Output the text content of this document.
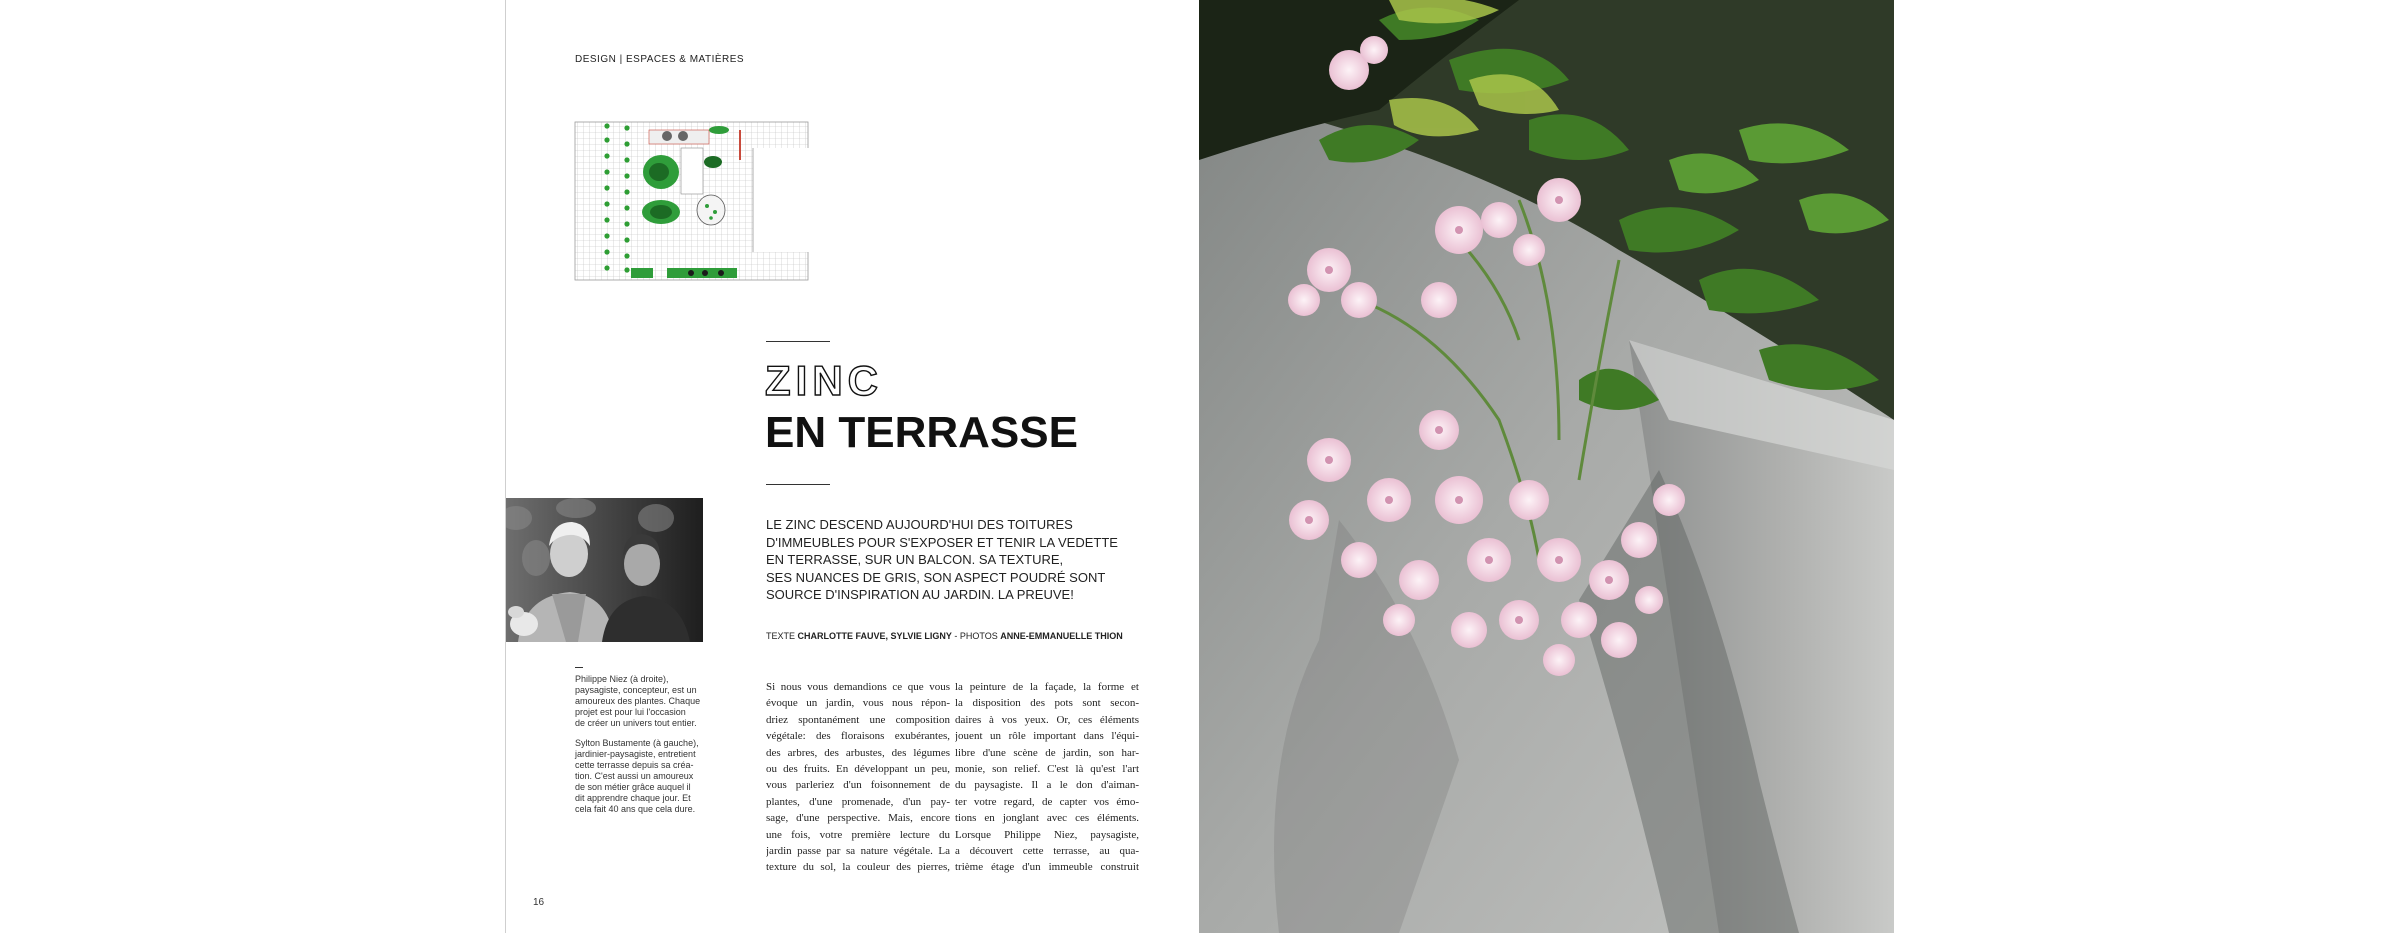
DESIGN | ESPACES & MATIÈRES
ZINC
EN TERRASSE
LE ZINC DESCEND AUJOURD'HUI DES TOITURES
D'IMMEUBLES POUR S'EXPOSER ET TENIR LA VEDETTE
EN TERRASSE, SUR UN BALCON. SA TEXTURE,
SES NUANCES DE GRIS, SON ASPECT POUDRÉ SONT
SOURCE D'INSPIRATION AU JARDIN. LA PREUVE!
TEXTE CHARLOTTE FAUVE, SYLVIE LIGNY - PHOTOS ANNE-EMMANUELLE THION

Philippe Niez (à droite),
paysagiste, concepteur, est un
amoureux des plantes. Chaque
projet est pour lui l'occasion
de créer un univers tout entier.

Sylton Bustamente (à gauche),
jardinier-paysagiste, entretient
cette terrasse depuis sa créa-
tion. C'est aussi un amoureux
de son métier grâce auquel il
dit apprendre chaque jour. Et
cela fait 40 ans que cela dure.

Si nous vous demandions ce que vous
évoque un jardin, vous nous répon-
driez spontanément une composition
végétale: des floraisons exubérantes,
des arbres, des arbustes, des légumes
ou des fruits. En développant un peu,
vous parleriez d'un foisonnement de
plantes, d'une promenade, d'un pay-
sage, d'une perspective. Mais, encore
une fois, votre première lecture du
jardin passe par sa nature végétale. La
texture du sol, la couleur des pierres,
la peinture de la façade, la forme et
la disposition des pots sont secon-
daires à vos yeux. Or, ces éléments
jouent un rôle important dans l'équi-
libre d'une scène de jardin, son har-
monie, son relief. C'est là qu'est l'art
du paysagiste. Il a le don d'aiman-
ter votre regard, de capter vos émo-
tions en jonglant avec ces éléments.
Lorsque Philippe Niez, paysagiste,
a découvert cette terrasse, au qua-
trième étage d'un immeuble construit
16
